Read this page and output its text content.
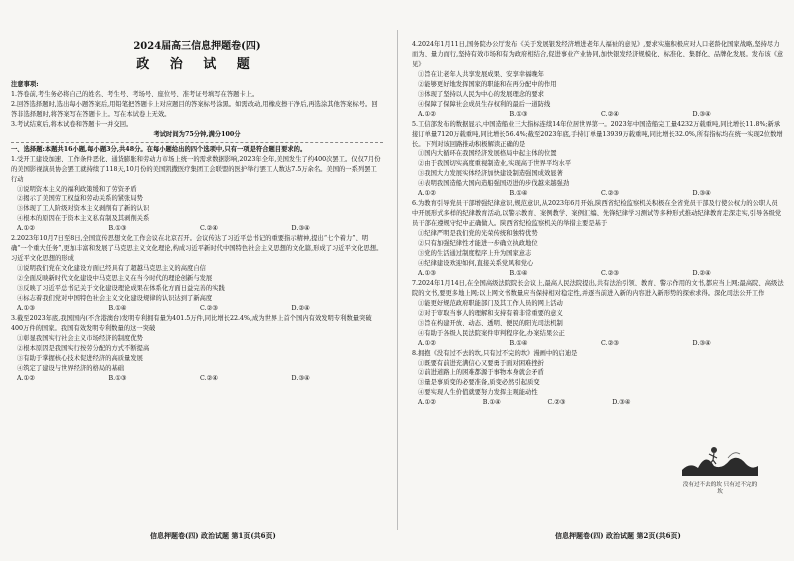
2024届高三信息押题卷(四)
政 治 试 题
注意事项:
1.答卷前,考生务必将自己的姓名、考生号、考场号、座位号、准考证号填写在答题卡上。
2.回答选择题时,选出每小题答案后,用铅笔把答题卡上对应题目的答案标号涂黑。如需改动,用橡皮擦干净后,再选涂其他答案标号。回答非选择题时,将答案写在答题卡上。写在本试卷上无效。
3.考试结束后,将本试卷和答题卡一并交回。
考试时间为75分钟,满分100分
一、选择题:本题共16小题,每小题3分,共48分。在每小题给出的四个选项中,只有一项是符合题目要求的。
1.受开工建设加速、工作条件恶化、通货膨胀和劳动力市场上统一的需求数据影响,2023年全年,美国发生了约400次罢工。仅仅7月份的美国影视演员协会罢工就持续了118天,10月份的美国凯撒医疗集团工会联盟的医护举行罢工人数达7.5万余名。美国的一系列罢工行动
①说明资本主义的福利政策缓和了劳资矛盾
②揭示了美国劳工权益和劳动关系的紧张局势
③体现了工人阶级对资本主义剥削有了新的认识
④根本的原因在于资本主义私有制及其剥削关系
A.①②	B.①③	C.②④	D.③④
2.2023年10月7日至8日,全国宣传思想文化工作会议在北京召开。会议传达了习近平总书记的重要指示精神,提出“七个着力”、明确“一个重大任务”,更加丰富和发展了马克思主义文化理论,构成习近平新时代中国特色社会主义思想的文化篇,形成了习近平文化思想。习近平文化思想的形成
①说明我们党在文化建设方面已经具有了超越马克思主义的高度自信
②全面反映新时代文化建设中马克思主义在当今时代的理论创新与发展
③反映了习近平总书记关于文化建设理论成果在体系化方面日益完善的实践
④标志着我们党对中国特色社会主义文化建设规律的认识达到了新高度
A.①③	B.①④	C.②③	D.②④
3.截至2023年底,我国国内(不含港澳台)发明专利拥有量为401.5万件,同比增长22.4%,成为世界上首个国内有效发明专利数量突破400万件的国家。我国有效发明专利数量的这一突破
①彰显我国实行社会主义市场经济的制度优势
②根本原因是我国实行按劳分配的方式不断提高
③有助于掌握核心技术促进经济的高质量发展
④筑定了建设与世界经济的格局的基础
A.①②	B.①③	C.②④	D.③④
4.2024年1月11日,国务院办公厅发布《关于发展银发经济增进老年人福祉的意见》,要求实施积极应对人口老龄化国家战略,坚持尽力而为、量力而行,坚持有效市场和有为政府相结合,促进事业产业协同,加快银发经济规模化、标准化、集群化、品牌化发展。发布该《意见》
①旨在让老年人共享发展成果、安享幸福晚年
②能够更好地发挥国家的职能和在再分配中的作用
③体现了坚持以人民为中心的发展理念的要求
④保障了保障社会成员生存权利的最后一道防线
A.①②	B.①③	C.②④	D.③④
5.工信部发布的数据显示,中国造船业三大指标连续14年位居世界第一。2023年中国造船完工量4232万载重吨,同比增长11.8%;新承接订单量7120万载重吨,同比增长56.4%;截至2023年底,手持订单量13939万载重吨,同比增长32.0%,所有指标均在统一实现2位数增长。下列对该回路推动积极解读正确的是
①国内大循环在我国经济发展格局中起主体的位置
②由于我国切实高度重视制造业,实现高于世界平均水平
③我国大力发展实体经济加快建设制造强国成效显著
④表明我国造船大国向造船强国迈进的步伐越来越强劲
A.①②	B.①④	C.②③	D.③④
6.为教育引导党员干部增强纪律意识,规范意识,从2023年6月开始,陕西省纪检监察机关积极在全省党员干部及行使公权力的公职人员中开展形式多样的纪律教育活动,以警示教育、案例教学、案例汇编、先锋纪律学习测试等多种形式推动纪律教育走深走实,引导各级党员干部在遵规守纪中正确做人。陕西省纪检监察机关的举措主要是基于
①纪律严明是我们党的光荣传统和独特优势
②只有加强纪律性才能进一步确立执政地位
③党的生活通过制度程序上升为国家意志
④纪律建设欢迎如何,直接关系党风和党心
A.①③	B.①④	C.②③	D.②④
7.2024年1月14日,在全国高级法院院长会议上,最高人民法院提出,共有法治引领、教育、警示作用的文书,都应当上网;最高院、高级法院的文书,要更多地上网;以上网文书数量应当保持相对稳定性,并逐当前进入新的内容进入新形势的探索求得。深化司法公开工作
①能更好规范政府职能部门及其工作人员的网上活动
②对于审取当事人的理解和支持有着非常重要的意义
③旨在构建开放、动态、透明、便民的阳光司法机制
④有助于各级人民法院案件审判程序化,办案结果公正
A.①②	B.①④	C.②③	D.③④
8.拥抱《没有过不去的坎,只有过不完的坎》漫画中的启迪是
①既要有前进充满信心又要勇于面对困难挫折
②前进道路上的困难都源于事物本身就会矛盾
③量是事质变的必要准备,质变必然引起质变
④要实现人生价值就要努力发挥主观能动性
A.①②	B.①④	C.②③	D.③④
没有过不去的坎 只有过不完的坎
信息押题卷(四) 政治试题 第1页(共6页)	信息押题卷(四) 政治试题 第2页(共6页)
